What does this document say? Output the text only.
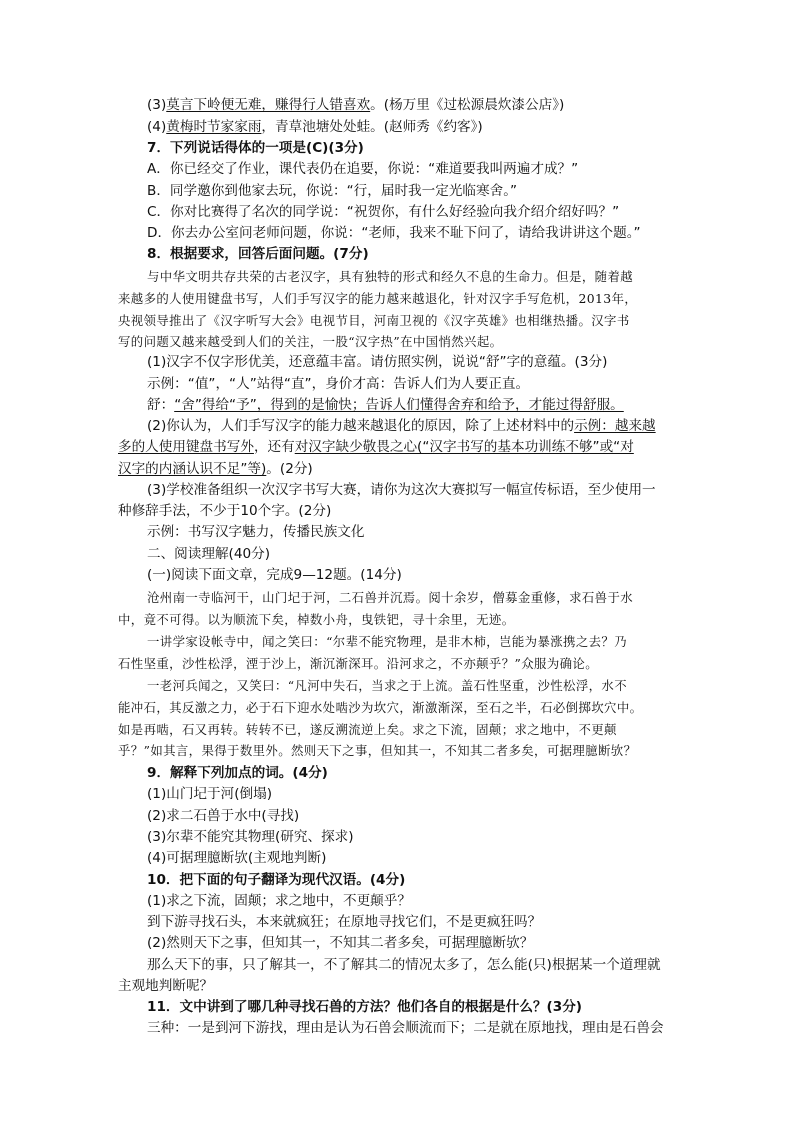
(3)莫言下岭便无难，赚得行人错喜欢。(杨万里《过松源晨炊漆公店》)
(4)黄梅时节家家雨，青草池塘处处蛙。(赵师秀《约客》)
7．下列说话得体的一项是(C)(3分)
A．你已经交了作业，课代表仍在追要，你说：“难道要我叫两遍才成？”
B．同学邀你到他家去玩，你说：“行，届时我一定光临寒舍。”
C．你对比赛得了名次的同学说：“祝贺你，有什么好经验向我介绍介绍好吗？”
D．你去办公室问老师问题，你说：“老师，我来不耻下问了，请给我讲讲这个题。”
8．根据要求，回答后面问题。(7分)
与中华文明共存共荣的古老汉字，具有独特的形式和经久不息的生命力。但是，随着越
来越多的人使用键盘书写，人们手写汉字的能力越来越退化，针对汉字手写危机，2013年，
央视领导推出了《汉字听写大会》电视节目，河南卫视的《汉字英雄》也相继热播。汉字书
写的问题又越来越受到人们的关注，一股“汉字热”在中国悄然兴起。
(1)汉字不仅字形优美，还意蕴丰富。请仿照实例，说说“舒”字的意蕴。(3分)
示例：“值”，“人”站得“直”，身价才高：告诉人们为人要正直。
舒：“舍”得给“予”，得到的是愉快；告诉人们懂得舍弃和给予，才能过得舒服。
(2)你认为，人们手写汉字的能力越来越退化的原因，除了上述材料中的示例：越来越
多的人使用键盘书写外，还有对汉字缺少敬畏之心(“汉字书写的基本功训练不够”或“对
汉字的内涵认识不足”等)。(2分)
(3)学校准备组织一次汉字书写大赛，请你为这次大赛拟写一幅宣传标语，至少使用一
种修辞手法，不少于10个字。(2分)
示例：书写汉字魅力，传播民族文化
二、阅读理解(40分)
(一)阅读下面文章，完成9—12题。(14分)
沧州南一寺临河干，山门圮于河，二石兽并沉焉。阅十余岁，僧募金重修，求石兽于水
中，竟不可得。以为顺流下矣，棹数小舟，曳铁钯，寻十余里，无迹。
一讲学家设帐寺中，闻之笑曰：“尔辈不能究物理，是非木柿，岂能为暴涨携之去？乃
石性坚重，沙性松浮，湮于沙上，渐沉渐深耳。沿河求之，不亦颠乎？”众服为确论。
一老河兵闻之，又笑曰：“凡河中失石，当求之于上流。盖石性坚重，沙性松浮，水不
能冲石，其反激之力，必于石下迎水处啮沙为坎穴，渐激渐深，至石之半，石必倒掷坎穴中。
如是再啮，石又再转。转转不已，遂反溯流逆上矣。求之下流，固颠；求之地中，不更颠
乎？”如其言，果得于数里外。然则天下之事，但知其一，不知其二者多矣，可据理臆断欤？
9．解释下列加点的词。(4分)
(1)山门圮于河(倒塌)
(2)求二石兽于水中(寻找)
(3)尔辈不能究其物理(研究、探求)
(4)可据理臆断欤(主观地判断)
10．把下面的句子翻译为现代汉语。(4分)
(1)求之下流，固颠；求之地中，不更颠乎？
到下游寻找石头，本来就疯狂；在原地寻找它们，不是更疯狂吗？
(2)然则天下之事，但知其一，不知其二者多矣，可据理臆断欤？
那么天下的事，只了解其一，不了解其二的情况太多了，怎么能(只)根据某一个道理就
主观地判断呢？
11．文中讲到了哪几种寻找石兽的方法？他们各自的根据是什么？(3分)
三种：一是到河下游找，理由是认为石兽会顺流而下；二是就在原地找，理由是石兽会
